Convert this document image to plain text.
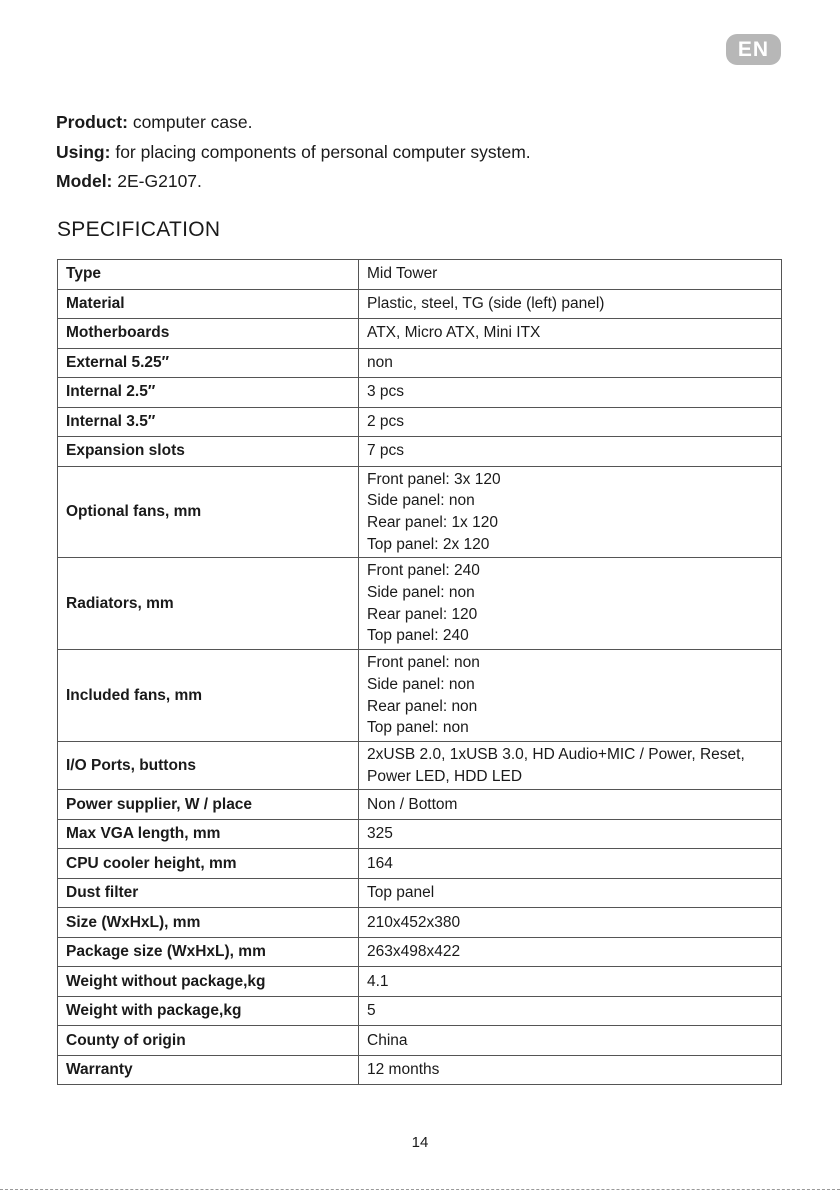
EN
Product: computer case.
Using: for placing components of personal computer system.
Model: 2E-G2107.
SPECIFICATION
Type	Mid Tower

Material	Plastic, steel, TG (side (left) panel)

Motherboards	ATX, Micro ATX, Mini ITX

External 5.25″	non

Internal 2.5″	3 pcs

Internal 3.5″	2 pcs

Expansion slots	7 pcs

Optional fans, mm	Front panel: 3x 120
Side panel: non
Rear panel: 1x 120
Top panel: 2x 120

Radiators, mm	Front panel: 240
Side panel: non
Rear panel: 120
Top panel: 240

Included fans, mm	Front panel: non
Side panel: non
Rear panel: non
Top panel: non

I/O Ports, buttons	2xUSB 2.0, 1xUSB 3.0, HD Audio+MIC / Power, Reset,
Power LED, HDD LED

Power supplier, W / place	Non / Bottom

Max VGA length, mm	325

CPU cooler height, mm	164

Dust filter	Top panel

Size (WxHxL), mm	210x452x380

Package size (WxHxL), mm	263x498x422

Weight without package,kg	4.1

Weight with package,kg	5

County of origin	China

Warranty	12 months
14
